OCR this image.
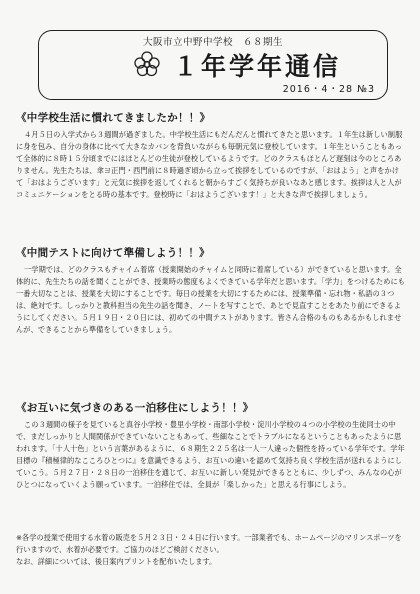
大阪市立中野中学校　６８期生
１年学年通信
2016・4・28 №3
《中学校生活に慣れてきましたか！！》

４月５日の入学式から３週間が過ぎました。中学校生活にもだんだんと慣れてきたと思います。１年生は新しい制服に身を包み、自分の身体に比べて大きなカバンを背負いながらも毎朝元気に登校しています。１年生ということもあって全体的に８時１５分頃までにはほとんどの生徒が登校しているようです。どのクラスもほとんど遅刻は今のところありません。先生たちは、傘ヨ正門・西門前に８時過ぎ頃から立って挨拶をしているのですが、「おはよう」と声をかけて「おはようございます」と元気に挨拶を返してくれると朝からすごく気持ちが良いなあと感じます。挨拶は人と人がコミュニケーションをとる時の基本です。登校時に「おはようございます！」と大きな声で挨拶しましょう。

《中間テストに向けて準備しよう！！》

一学期では、どのクラスもチャイム着席（授業開始のチャイムと同時に着席している）ができていると思います。全体的に、先生たちの話を聞くことができ、授業時の態度もよくできている学年だと思います。「学力」をつけるためにも一番大切なことは、授業を大切にすることです。毎日の授業を大切にするためには、授業準備・忘れ物・私語の３つは、絶対です。しっかりと教科担当の先生の話を聞き、ノートを写すことで、あとで見直すことをあたり前にできるようにしてください。５月１９日・２０日には、初めての中間テストがあります。皆さん合格のものもあるかもしれませんが、できることから準備をしていきましょう。

《お互いに気づきのある一泊移住にしよう！！》

この３週間の様子を見ていると真谷小学校・豊里小学校・南部小学校・淀川小学校の４つの小学校の生徒同士の中で、まだしっかりと人間関係ができていないこともあって、些細なことでトラブルになるということもあったように思われます。「十人十色」という言葉があるように、６８期生２２５名は一人一人違った個性を持っている学年です。学年目標の『積極律的なこころひとつに』を意識できるよう、お互いの違いを認めて気持ち良く学校生活が送れるようにしていこう。５月２７日・２８日の一泊移住を通じて、お互いに新しい発見ができるとともに、少しずつ、みんなの心がひとつになっていくよう願っています。一泊移住では、全員が「楽しかった」と思える行事にしよう。

※各学の授業で使用する水着の販売を５月２３日・２４日に行います。一部業者でも、ホームページのマリンスポーツを行いますので、水着が必要です。ご協力のほどご検討ください。

なお、詳細については、後日案内プリントを配布いたします。
